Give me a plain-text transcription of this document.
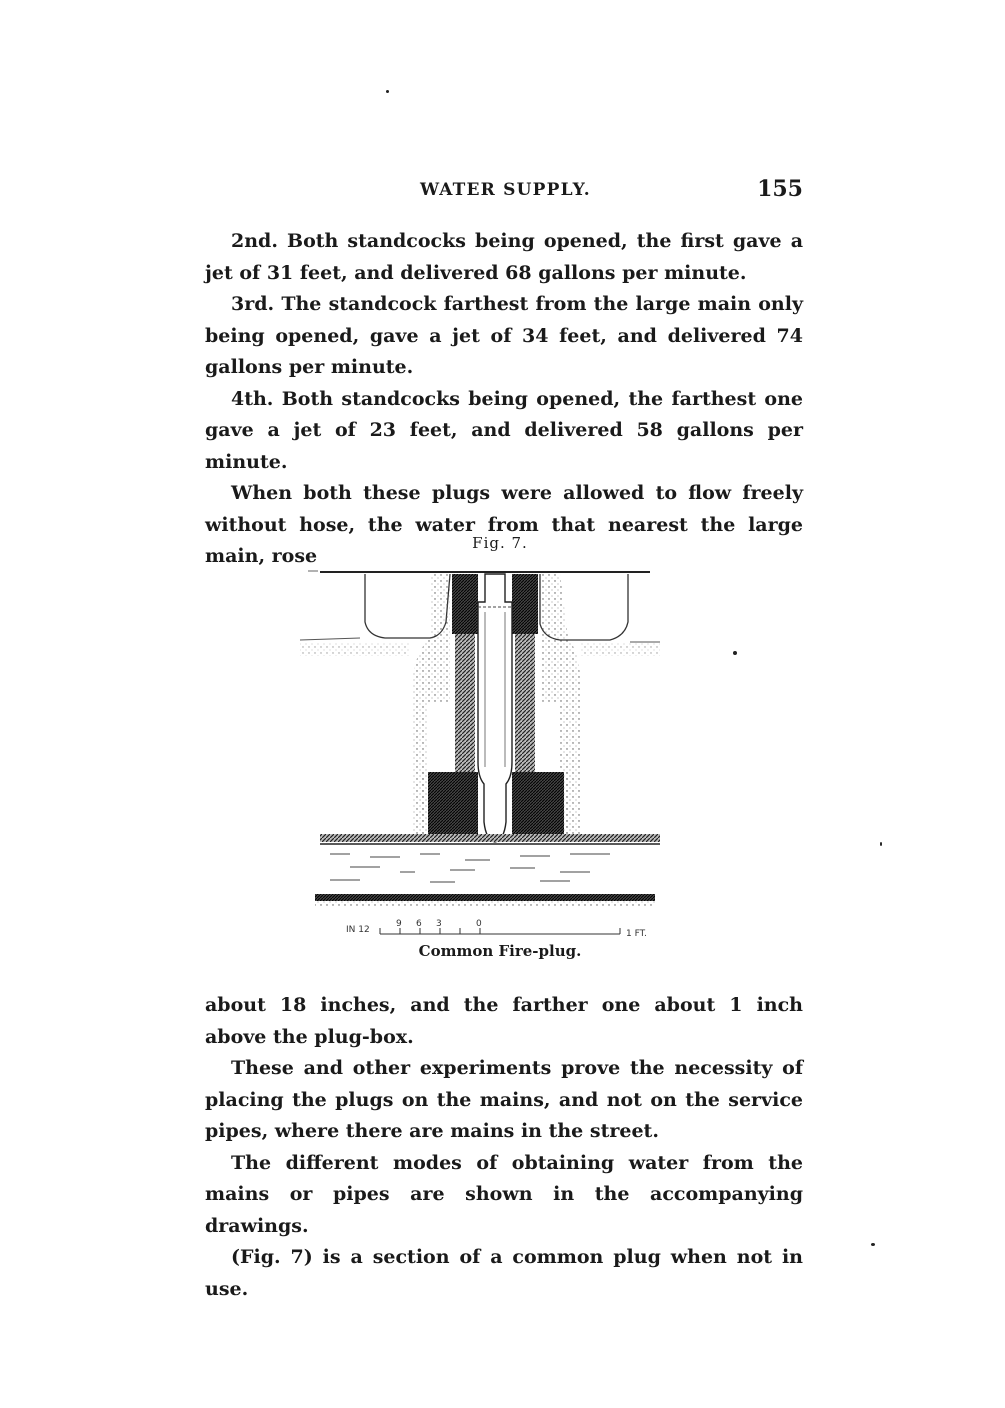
WATER SUPPLY.	155

2nd. Both standcocks being opened, the first gave a jet of 31 feet, and delivered 68 gallons per minute.

3rd. The standcock farthest from the large main only being opened, gave a jet of 34 feet, and delivered 74 gallons per minute.

4th. Both standcocks being opened, the farthest one gave a jet of 23 feet, and delivered 58 gallons per minute.

When both these plugs were allowed to flow freely without hose, the water from that nearest the large main, rose

Fig. 7.
IN 12
9 6 3	0
1 FT.
Common Fire-plug.

about 18 inches, and the farther one about 1 inch above the plug-box.

These and other experiments prove the necessity of placing the plugs on the mains, and not on the service pipes, where there are mains in the street.

The different modes of obtaining water from the mains or pipes are shown in the accompanying drawings.

(Fig. 7) is a section of a common plug when not in use.
